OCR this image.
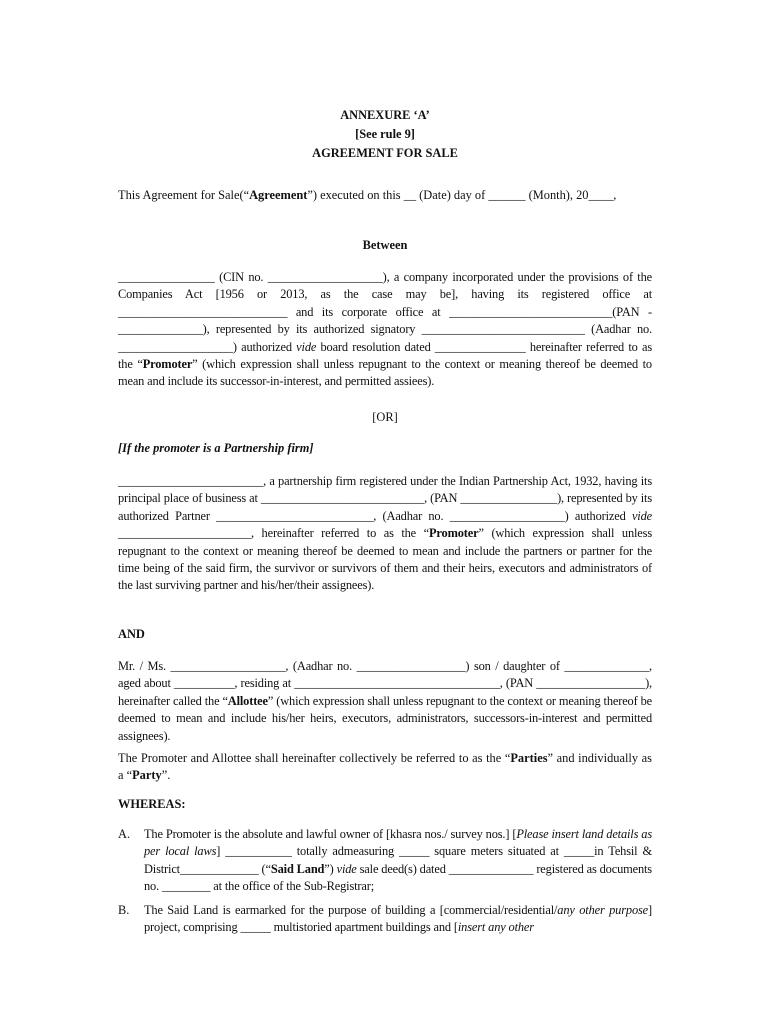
ANNEXURE ‘A’
[See rule 9]
AGREEMENT FOR SALE
This Agreement for Sale(“Agreement”) executed on this __ (Date) day of ______ (Month), 20____,
Between
________________ (CIN no. ___________________), a company incorporated under the provisions of the Companies Act [1956 or 2013, as the case may be], having its registered office at ____________________________ and its corporate office at ___________________________(PAN - ______________), represented by its authorized signatory ___________________________ (Aadhar no. ___________________) authorized vide board resolution dated _______________ hereinafter referred to as the “Promoter” (which expression shall unless repugnant to the context or meaning thereof be deemed to mean and include its successor-in-interest, and permitted assiees).
[OR]
[If the promoter is a Partnership firm]
________________________, a partnership firm registered under the Indian Partnership Act, 1932, having its principal place of business at ___________________________, (PAN ________________), represented by its authorized Partner __________________________, (Aadhar no. ___________________) authorized vide ______________________, hereinafter referred to as the “Promoter” (which expression shall unless repugnant to the context or meaning thereof be deemed to mean and include the partners or partner for the time being of the said firm, the survivor or survivors of them and their heirs, executors and administrators of the last surviving partner and his/her/their assignees).
AND
Mr. / Ms. ___________________, (Aadhar no. __________________) son / daughter of ______________, aged about __________, residing at __________________________________, (PAN __________________), hereinafter called the “Allottee” (which expression shall unless repugnant to the context or meaning thereof be deemed to mean and include his/her heirs, executors, administrators, successors-in-interest and permitted assignees).
The Promoter and Allottee shall hereinafter collectively be referred to as the “Parties” and individually as a “Party”.
WHEREAS:
A. The Promoter is the absolute and lawful owner of [khasra nos./ survey nos.] [Please insert land details as per local laws] ___________ totally admeasuring _____ square meters situated at _____in Tehsil & District_____________ (“Said Land”) vide sale deed(s) dated ______________ registered as documents no. ________ at the office of the Sub-Registrar;
B. The Said Land is earmarked for the purpose of building a [commercial/residential/any other purpose] project, comprising _____ multistoried apartment buildings and [insert any other
